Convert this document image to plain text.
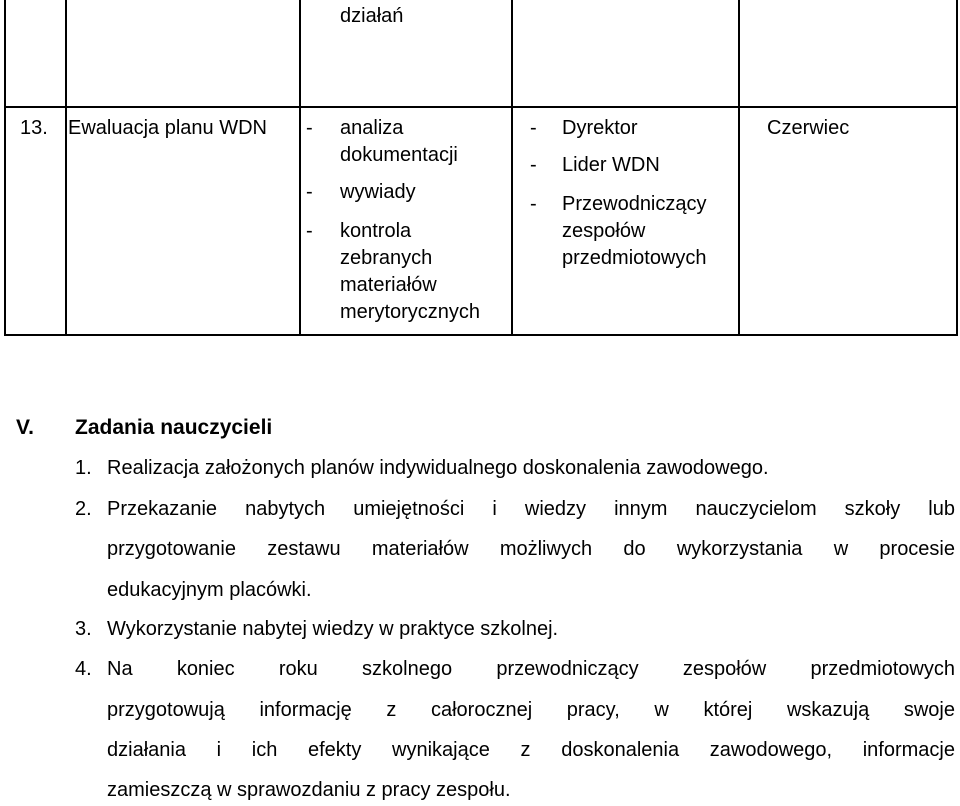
działań
13. Ewaluacja planu WDN - analiza
dokumentacji
- wywiady
- kontrola
zebranych
materiałów
merytorycznych
- Dyrektor
- Lider WDN
- Przewodniczący
zespołów
przedmiotowych
Czerwiec
V. Zadania nauczycieli
1. Realizacja założonych planów indywidualnego doskonalenia zawodowego.
2. Przekazanie nabytych umiejętności i wiedzy innym nauczycielom szkoły lub
przygotowanie zestawu materiałów możliwych do wykorzystania w procesie
edukacyjnym placówki.
3. Wykorzystanie nabytej wiedzy w praktyce szkolnej.
4. Na koniec roku szkolnego przewodniczący zespołów przedmiotowych
przygotowują informację z całorocznej pracy, w której wskazują swoje
działania i ich efekty wynikające z doskonalenia zawodowego, informacje
zamieszczą w sprawozdaniu z pracy zespołu.
